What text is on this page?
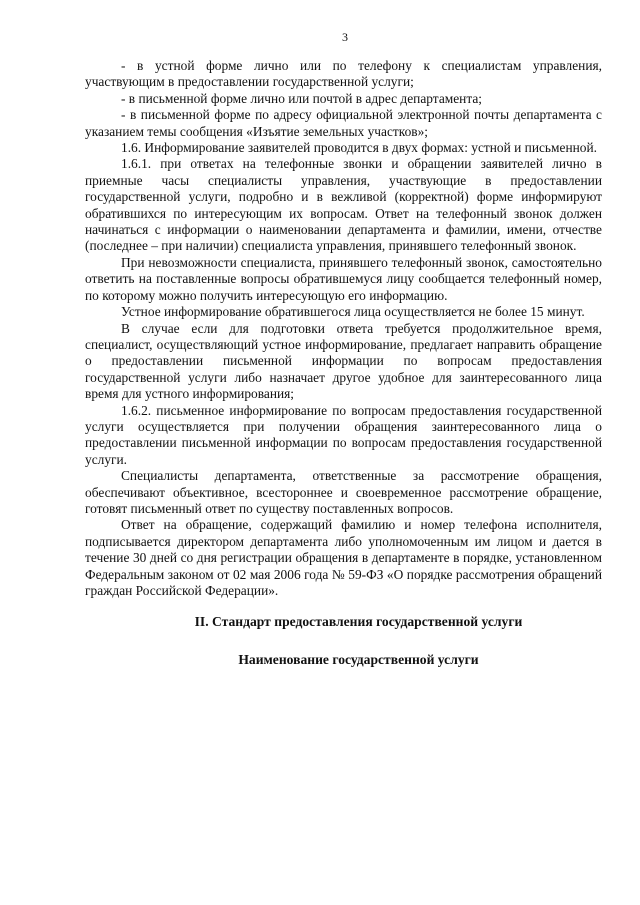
3

- в устной форме лично или по телефону к специалистам управления, участвующим в предоставлении государственной услуги;

- в письменной форме лично или почтой в адрес департамента;

- в письменной форме по адресу официальной электронной почты департамента с указанием темы сообщения «Изъятие земельных участков»;

1.6. Информирование заявителей проводится в двух формах: устной и письменной.

1.6.1. при ответах на телефонные звонки и обращении заявителей лично в приемные часы специалисты управления, участвующие в предоставлении государственной услуги, подробно и в вежливой (корректной) форме информируют обратившихся по интересующим их вопросам. Ответ на телефонный звонок должен начинаться с информации о наименовании департамента и фамилии, имени, отчестве (последнее – при наличии) специалиста управления, принявшего телефонный звонок.

При невозможности специалиста, принявшего телефонный звонок, самостоятельно ответить на поставленные вопросы обратившемуся лицу сообщается телефонный номер, по которому можно получить интересующую его информацию.

Устное информирование обратившегося лица осуществляется не более 15 минут.

В случае если для подготовки ответа требуется продолжительное время, специалист, осуществляющий устное информирование, предлагает направить обращение о предоставлении письменной информации по вопросам предоставления государственной услуги либо назначает другое удобное для заинтересованного лица время для устного информирования;

1.6.2. письменное информирование по вопросам предоставления государственной услуги осуществляется при получении обращения заинтересованного лица о предоставлении письменной информации по вопросам предоставления государственной услуги.

Специалисты департамента, ответственные за рассмотрение обращения, обеспечивают объективное, всестороннее и своевременное рассмотрение обращение, готовят письменный ответ по существу поставленных вопросов.

Ответ на обращение, содержащий фамилию и номер телефона исполнителя, подписывается директором департамента либо уполномоченным им лицом и дается в течение 30 дней со дня регистрации обращения в департаменте в порядке, установленном Федеральным законом от 02 мая 2006 года № 59-ФЗ «О порядке рассмотрения обращений граждан Российской Федерации».

II. Стандарт предоставления государственной услуги

Наименование государственной услуги
